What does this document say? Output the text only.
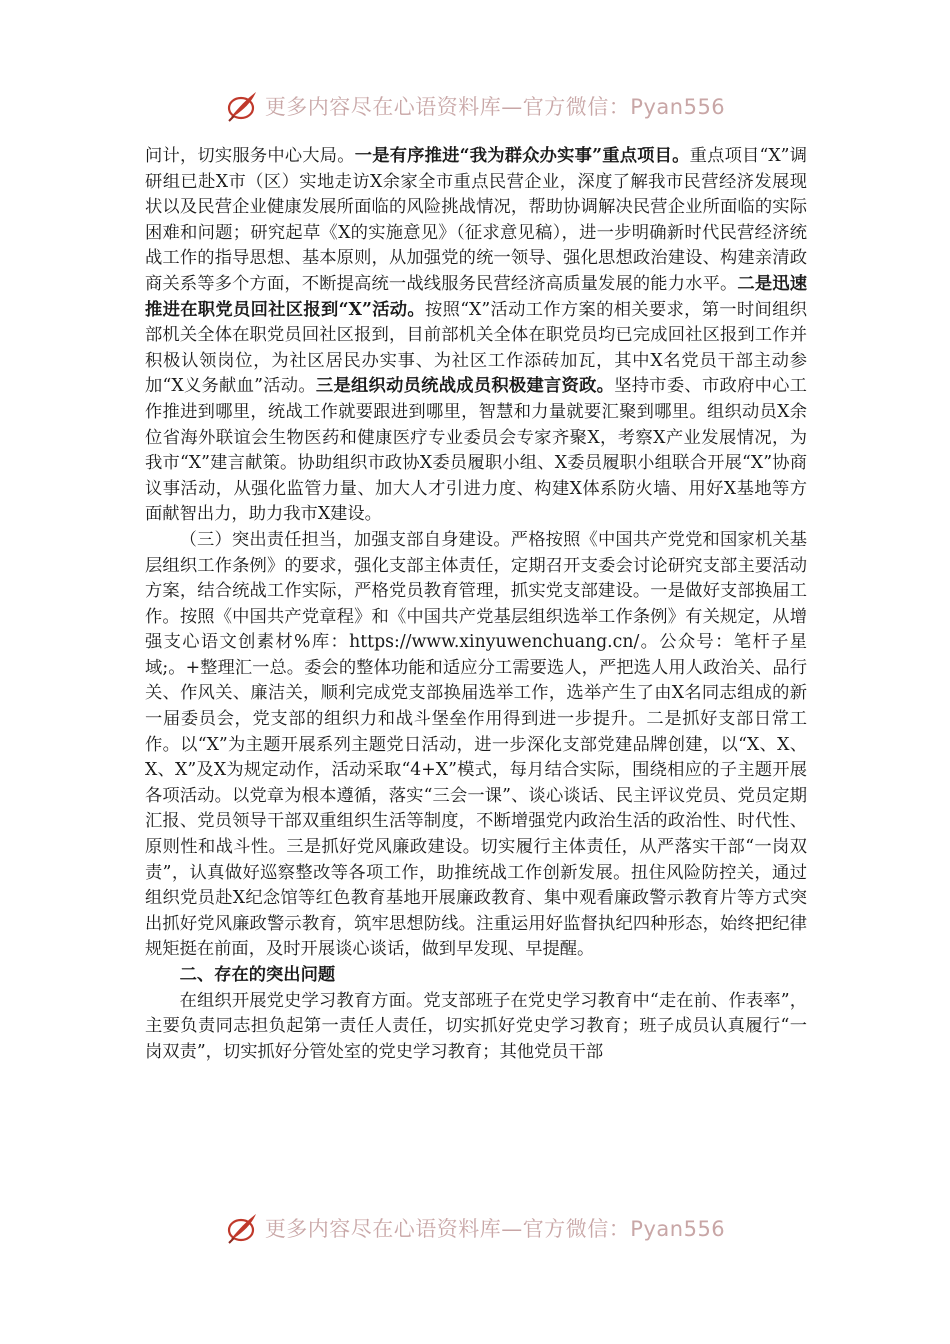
更多内容尽在心语资料库—官方微信：Pyan556

问计，切实服务中心大局。一是有序推进“我为群众办实事”重点项目。重点项目“X”调研组已赴X市（区）实地走访X余家全市重点民营企业，深度了解我市民营经济发展现状以及民营企业健康发展所面临的风险挑战情况，帮助协调解决民营企业所面临的实际困难和问题；研究起草《X的实施意见》（征求意见稿），进一步明确新时代民营经济统战工作的指导思想、基本原则，从加强党的统一领导、强化思想政治建设、构建亲清政商关系等多个方面，不断提高统一战线服务民营经济高质量发展的能力水平。二是迅速推进在职党员回社区报到“X”活动。按照“X”活动工作方案的相关要求，第一时间组织部机关全体在职党员回社区报到，目前部机关全体在职党员均已完成回社区报到工作并积极认领岗位，为社区居民办实事、为社区工作添砖加瓦，其中X名党员干部主动参加“X义务献血”活动。三是组织动员统战成员积极建言资政。坚持市委、市政府中心工作推进到哪里，统战工作就要跟进到哪里，智慧和力量就要汇聚到哪里。组织动员X余位省海外联谊会生物医药和健康医疗专业委员会专家齐聚X，考察X产业发展情况，为我市“X”建言献策。协助组织市政协X委员履职小组、X委员履职小组联合开展“X”协商议事活动，从强化监管力量、加大人才引进力度、构建X体系防火墙、用好X基地等方面献智出力，助力我市X建设。

（三）突出责任担当，加强支部自身建设。严格按照《中国共产党党和国家机关基层组织工作条例》的要求，强化支部主体责任，定期召开支委会讨论研究支部主要活动方案，结合统战工作实际，严格党员教育管理，抓实党支部建设。一是做好支部换届工作。按照《中国共产党章程》和《中国共产党基层组织选举工作条例》有关规定，从增强支心语文创素材%库：https://www.xinyuwenchuang.cn/。公众号：笔杆子星域;。+整理汇一总。委会的整体功能和适应分工需要选人，严把选人用人政治关、品行关、作风关、廉洁关，顺利完成党支部换届选举工作，选举产生了由X名同志组成的新一届委员会，党支部的组织力和战斗堡垒作用得到进一步提升。二是抓好支部日常工作。以“X”为主题开展系列主题党日活动，进一步深化支部党建品牌创建，以“X、X、X、X”及X为规定动作，活动采取“4+X”模式，每月结合实际，围绕相应的子主题开展各项活动。以党章为根本遵循，落实“三会一课”、谈心谈话、民主评议党员、党员定期汇报、党员领导干部双重组织生活等制度，不断增强党内政治生活的政治性、时代性、原则性和战斗性。三是抓好党风廉政建设。切实履行主体责任，从严落实干部“一岗双责”，认真做好巡察整改等各项工作，助推统战工作创新发展。扭住风险防控关，通过组织党员赴X纪念馆等红色教育基地开展廉政教育、集中观看廉政警示教育片等方式突出抓好党风廉政警示教育，筑牢思想防线。注重运用好监督执纪四种形态，始终把纪律规矩挺在前面，及时开展谈心谈话，做到早发现、早提醒。

二、存在的突出问题

在组织开展党史学习教育方面。党支部班子在党史学习教育中“走在前、作表率”，主要负责同志担负起第一责任人责任，切实抓好党史学习教育；班子成员认真履行“一岗双责”，切实抓好分管处室的党史学习教育；其他党员干部

更多内容尽在心语资料库—官方微信：Pyan556
